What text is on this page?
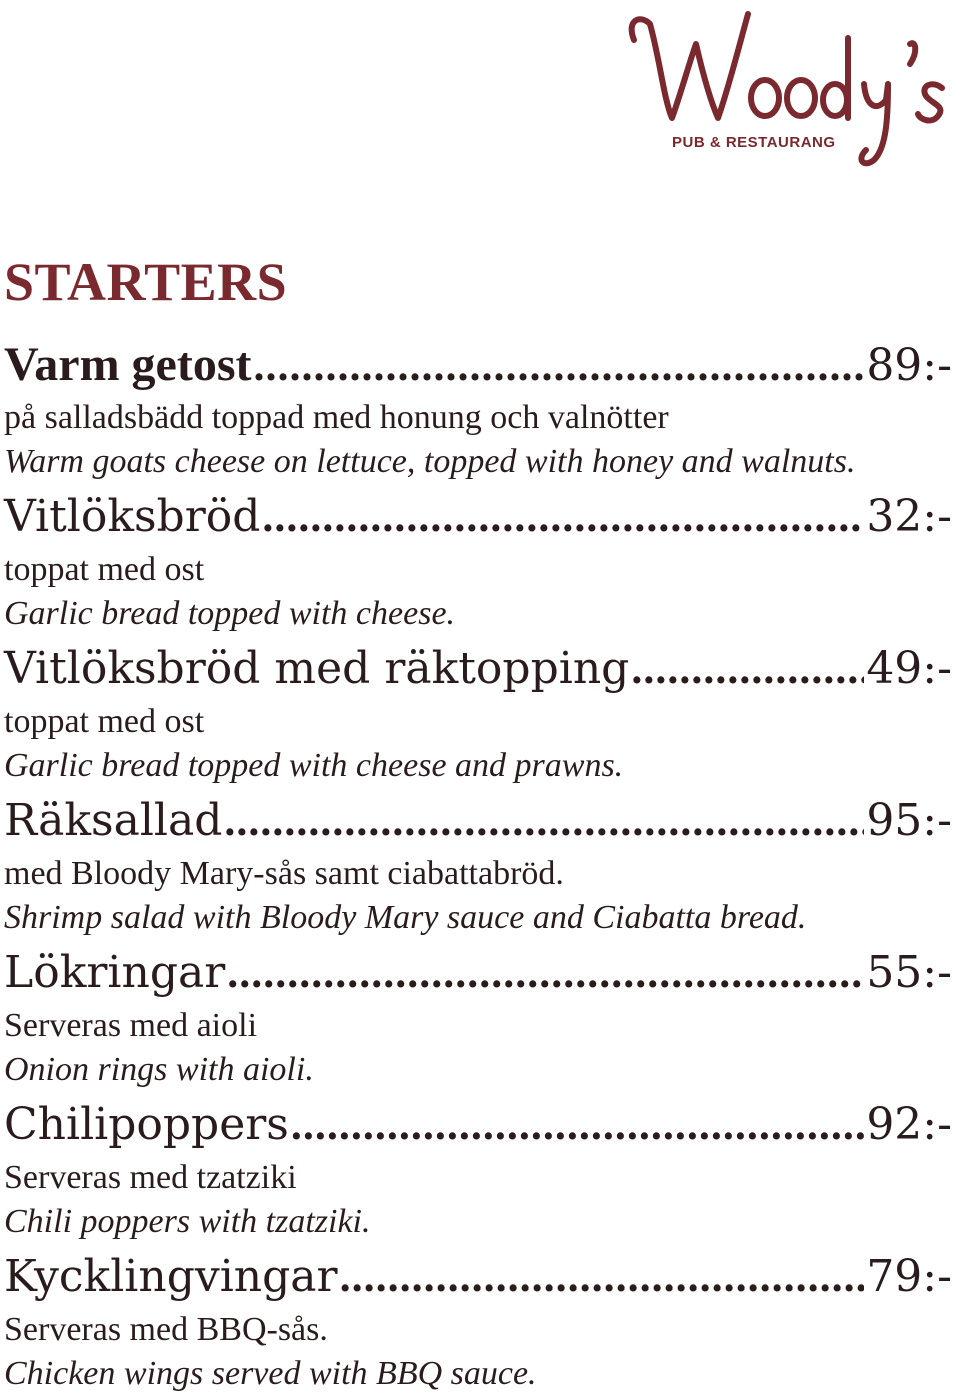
PUB & RESTAURANG
STARTERS
Varm getost .....	89:-
på salladsbädd toppad med honung och valnötter
Warm goats cheese on lettuce, topped with honey and walnuts.
Vitlöksbröd .....	32:-
toppat med ost
Garlic bread topped with cheese.
Vitlöksbröd med räktopping .....	49:-
toppat med ost
Garlic bread topped with cheese and prawns.
Räksallad .....	95:-
med Bloody Mary-sås samt ciabattabröd.
Shrimp salad with Bloody Mary sauce and Ciabatta bread.
Lökringar .....	55:-
Serveras med aioli
Onion rings with aioli.
Chilipoppers .....	92:-
Serveras med tzatziki
Chili poppers with tzatziki.
Kycklingvingar .....	79:-
Serveras med BBQ-sås.
Chicken wings served with BBQ sauce.
